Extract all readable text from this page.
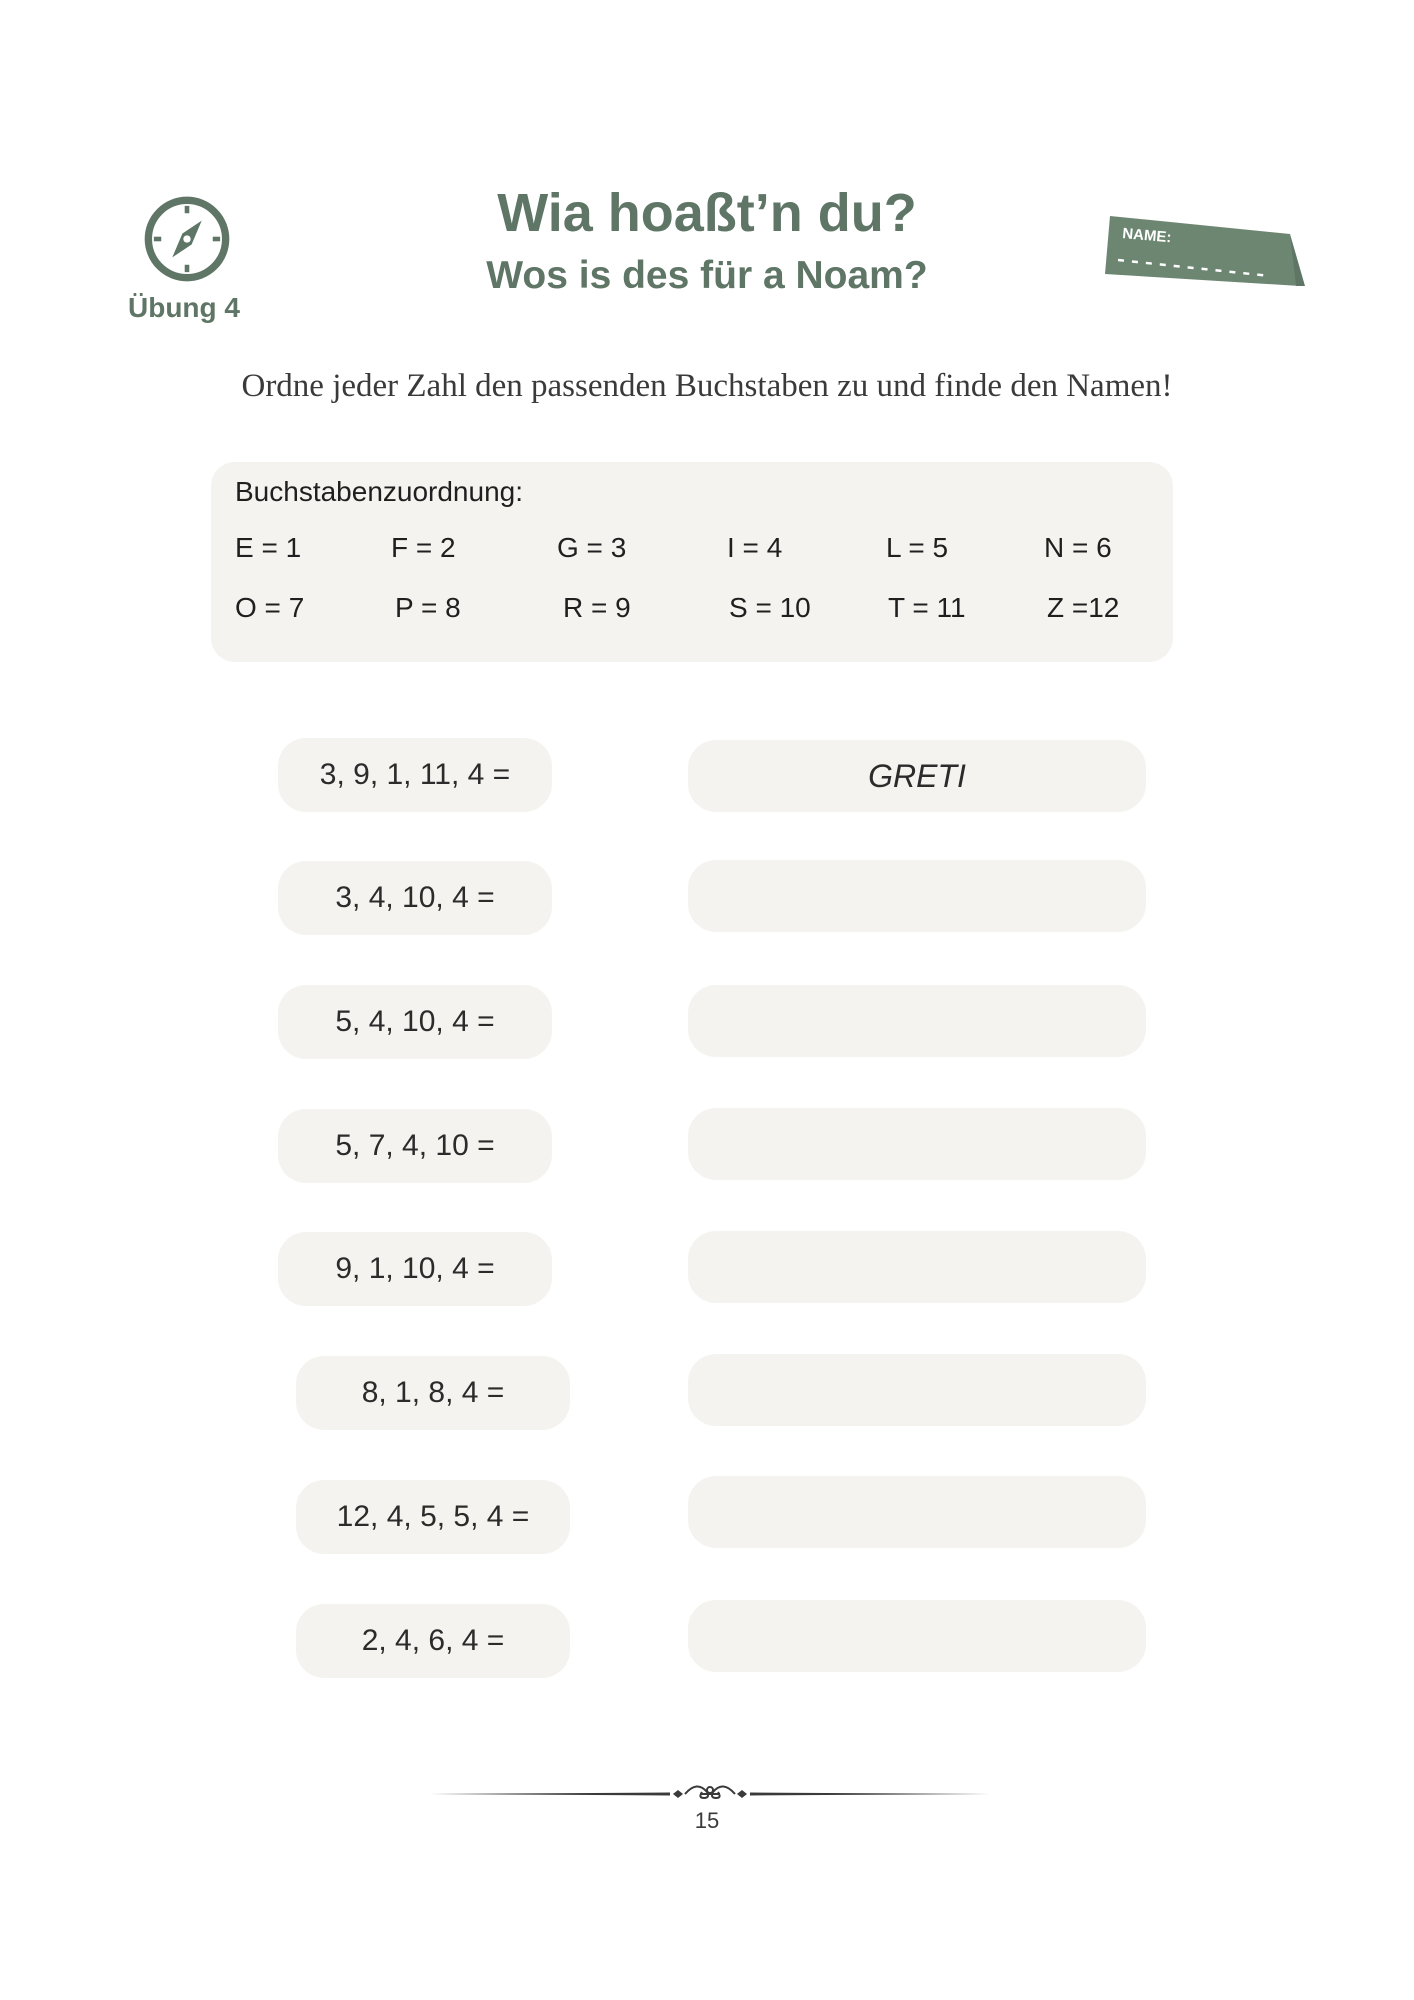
Übung 4
Wia hoaßt’n du?
Wos is des für a Noam?
NAME:
Ordne jeder Zahl den passenden Buchstaben zu und finde den Namen!
Buchstabenzuordnung:
E = 1	F = 2	G = 3	I = 4	L = 5	N = 6
O = 7	P = 8	R = 9	S = 10	T = 11	Z =12
3, 9, 1, 11, 4 =	GRETI
3, 4, 10, 4 =
5, 4, 10, 4 =
5, 7, 4, 10 =
9, 1, 10, 4 =
8, 1, 8, 4 =
12, 4, 5, 5, 4 =
2, 4, 6, 4 =
15
